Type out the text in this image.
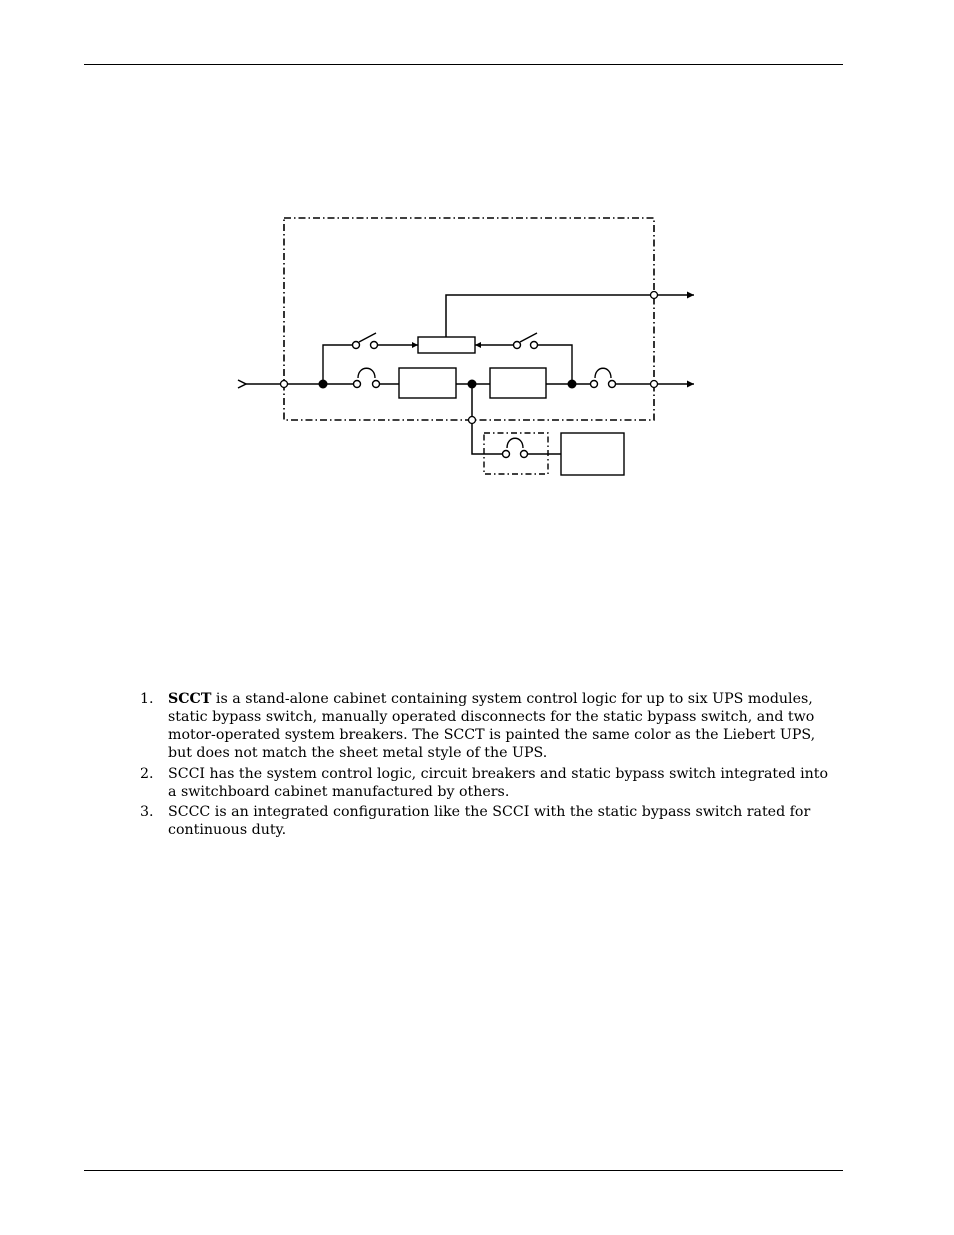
1. SCCT is a stand-alone cabinet containing system control logic for up to six UPS modules, static bypass switch, manually operated disconnects for the static bypass switch, and two motor-operated system breakers. The SCCT is painted the same color as the Liebert UPS, but does not match the sheet metal style of the UPS.
2. SCCI has the system control logic, circuit breakers and static bypass switch integrated into a switchboard cabinet manufactured by others.
3. SCCC is an integrated configuration like the SCCI with the static bypass switch rated for continuous duty.
